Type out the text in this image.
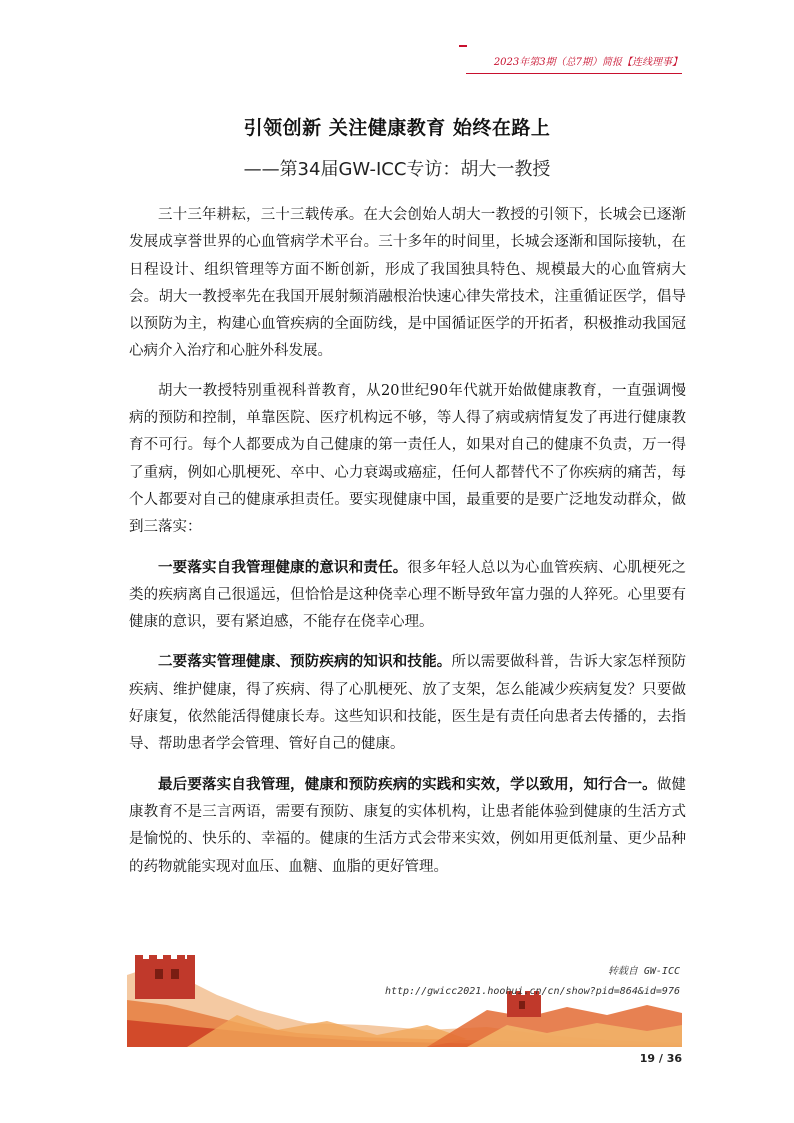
2023年第3期（总7期）简报【连线理事】
引领创新 关注健康教育 始终在路上
——第34届GW-ICC专访：胡大一教授

三十三年耕耘，三十三载传承。在大会创始人胡大一教授的引领下，长城会已逐渐发展成享誉世界的心血管病学术平台。三十多年的时间里，长城会逐渐和国际接轨，在日程设计、组织管理等方面不断创新，形成了我国独具特色、规模最大的心血管病大会。胡大一教授率先在我国开展射频消融根治快速心律失常技术，注重循证医学，倡导以预防为主，构建心血管疾病的全面防线，是中国循证医学的开拓者，积极推动我国冠心病介入治疗和心脏外科发展。

胡大一教授特别重视科普教育，从20世纪90年代就开始做健康教育，一直强调慢病的预防和控制，单靠医院、医疗机构远不够，等人得了病或病情复发了再进行健康教育不可行。每个人都要成为自己健康的第一责任人，如果对自己的健康不负责，万一得了重病，例如心肌梗死、卒中、心力衰竭或癌症，任何人都替代不了你疾病的痛苦，每个人都要对自己的健康承担责任。要实现健康中国，最重要的是要广泛地发动群众，做到三落实：

一要落实自我管理健康的意识和责任。很多年轻人总以为心血管疾病、心肌梗死之类的疾病离自己很遥远，但恰恰是这种侥幸心理不断导致年富力强的人猝死。心里要有健康的意识，要有紧迫感，不能存在侥幸心理。

二要落实管理健康、预防疾病的知识和技能。所以需要做科普，告诉大家怎样预防疾病、维护健康，得了疾病、得了心肌梗死、放了支架，怎么能减少疾病复发？只要做好康复，依然能活得健康长寿。这些知识和技能，医生是有责任向患者去传播的，去指导、帮助患者学会管理、管好自己的健康。

最后要落实自我管理，健康和预防疾病的实践和实效，学以致用，知行合一。做健康教育不是三言两语，需要有预防、康复的实体机构，让患者能体验到健康的生活方式是愉悦的、快乐的、幸福的。健康的生活方式会带来实效，例如用更低剂量、更少品种的药物就能实现对血压、血糖、血脂的更好管理。

转载自 GW-ICC
http://gwicc2021.hoohui.cn/cn/show?pid=864&id=976
19 / 36
